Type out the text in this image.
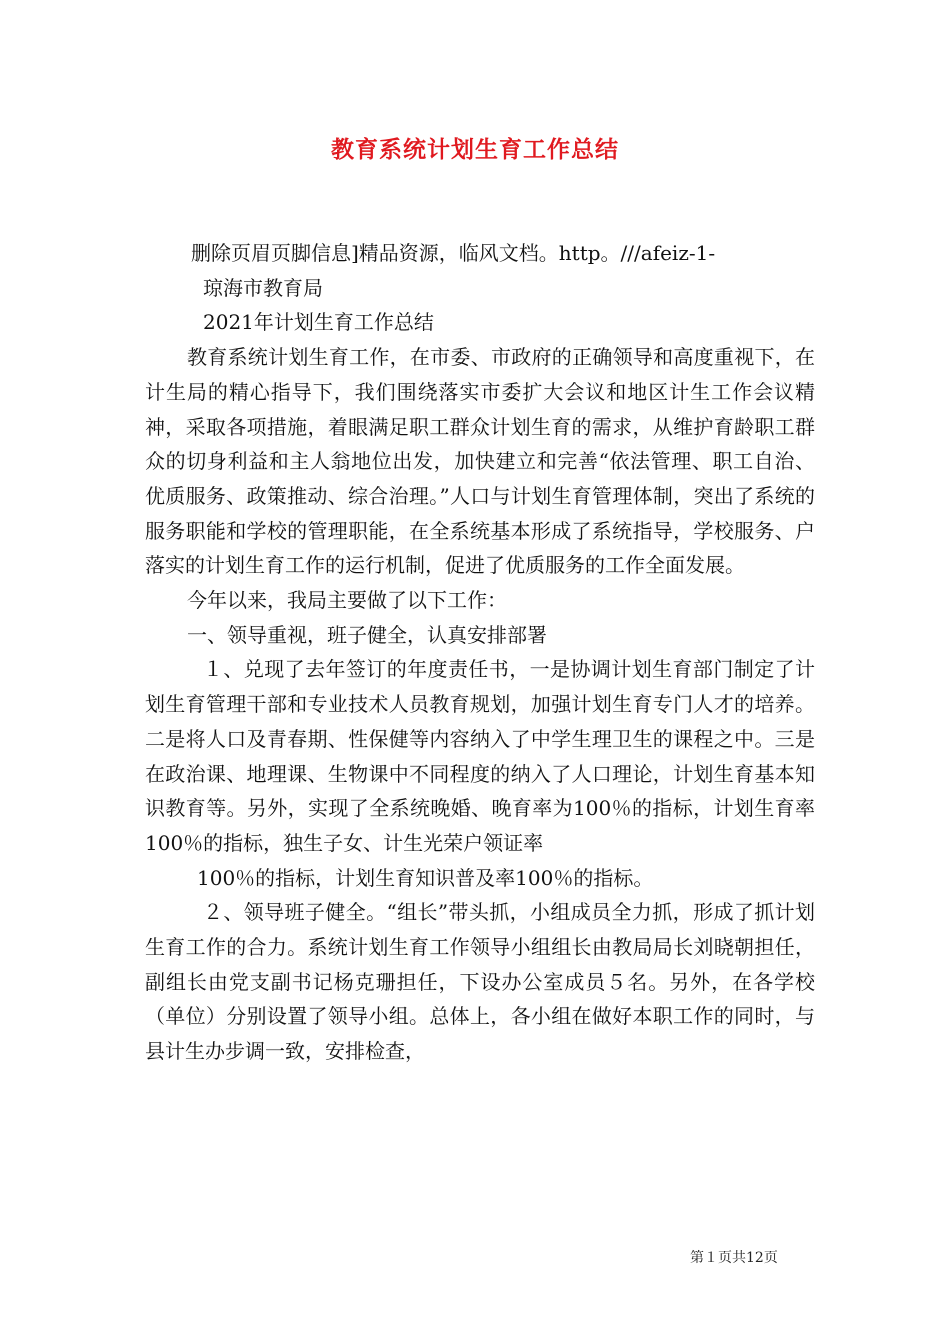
教育系统计划生育工作总结

删除页眉页脚信息]精品资源，临风文档。http。///afeiz-1-

琼海市教育局

2021年计划生育工作总结

教育系统计划生育工作，在市委、市政府的正确领导和高度重视下，在计生局的精心指导下，我们围绕落实市委扩大会议和地区计生工作会议精神，采取各项措施，着眼满足职工群众计划生育的需求，从维护育龄职工群众的切身利益和主人翁地位出发，加快建立和完善“依法管理、职工自治、优质服务、政策推动、综合治理。”人口与计划生育管理体制，突出了系统的服务职能和学校的管理职能，在全系统基本形成了系统指导，学校服务、户落实的计划生育工作的运行机制，促进了优质服务的工作全面发展。

今年以来，我局主要做了以下工作：

一、领导重视，班子健全，认真安排部署

１、兑现了去年签订的年度责任书，一是协调计划生育部门制定了计划生育管理干部和专业技术人员教育规划，加强计划生育专门人才的培养。二是将人口及青春期、性保健等内容纳入了中学生理卫生的课程之中。三是在政治课、地理课、生物课中不同程度的纳入了人口理论，计划生育基本知识教育等。另外，实现了全系统晚婚、晚育率为100％的指标，计划生育率100％的指标，独生子女、计生光荣户领证率

100％的指标，计划生育知识普及率100％的指标。

２、领导班子健全。“组长”带头抓，小组成员全力抓，形成了抓计划生育工作的合力。系统计划生育工作领导小组组长由教局局长刘晓朝担任，副组长由党支副书记杨克珊担任，下设办公室成员５名。另外，在各学校（单位）分别设置了领导小组。总体上，各小组在做好本职工作的同时，与县计生办步调一致，安排检查，

第１页共12页
